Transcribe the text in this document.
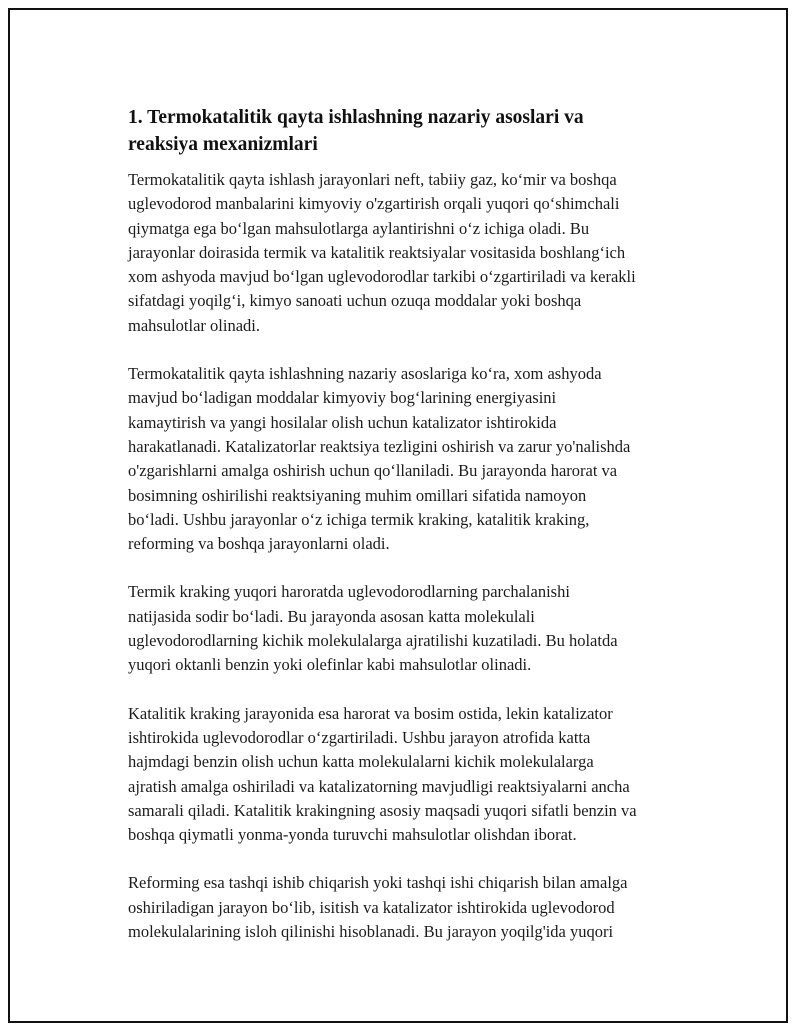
1. Termokatalitik qayta ishlashning nazariy asoslari va
reaksiya mexanizmlari

Termokatalitik qayta ishlash jarayonlari neft, tabiiy gaz, koʻmir va boshqa
uglevodorod manbalarini kimyoviy o'zgartirish orqali yuqori qoʻshimchali
qiymatga ega boʻlgan mahsulotlarga aylantirishni oʻz ichiga oladi. Bu
jarayonlar doirasida termik va katalitik reaktsiyalar vositasida boshlangʻich
xom ashyoda mavjud boʻlgan uglevodorodlar tarkibi oʻzgartiriladi va kerakli
sifatdagi yoqilgʻi, kimyo sanoati uchun ozuqa moddalar yoki boshqa
mahsulotlar olinadi.

Termokatalitik qayta ishlashning nazariy asoslariga koʻra, xom ashyoda
mavjud boʻladigan moddalar kimyoviy bogʻlarining energiyasini
kamaytirish va yangi hosilalar olish uchun katalizator ishtirokida
harakatlanadi. Katalizatorlar reaktsiya tezligini oshirish va zarur yo'nalishda
o'zgarishlarni amalga oshirish uchun qoʻllaniladi. Bu jarayonda harorat va
bosimning oshirilishi reaktsiyaning muhim omillari sifatida namoyon
boʻladi. Ushbu jarayonlar oʻz ichiga termik kraking, katalitik kraking,
reforming va boshqa jarayonlarni oladi.

Termik kraking yuqori haroratda uglevodorodlarning parchalanishi
natijasida sodir boʻladi. Bu jarayonda asosan katta molekulali
uglevodorodlarning kichik molekulalarga ajratilishi kuzatiladi. Bu holatda
yuqori oktanli benzin yoki olefinlar kabi mahsulotlar olinadi.

Katalitik kraking jarayonida esa harorat va bosim ostida, lekin katalizator
ishtirokida uglevodorodlar oʻzgartiriladi. Ushbu jarayon atrofida katta
hajmdagi benzin olish uchun katta molekulalarni kichik molekulalarga
ajratish amalga oshiriladi va katalizatorning mavjudligi reaktsiyalarni ancha
samarali qiladi. Katalitik krakingning asosiy maqsadi yuqori sifatli benzin va
boshqa qiymatli yonma-yonda turuvchi mahsulotlar olishdan iborat.

Reforming esa tashqi ishib chiqarish yoki tashqi ishi chiqarish bilan amalga
oshiriladigan jarayon boʻlib, isitish va katalizator ishtirokida uglevodorod
molekulalarining isloh qilinishi hisoblanadi. Bu jarayon yoqilg'ida yuqori
